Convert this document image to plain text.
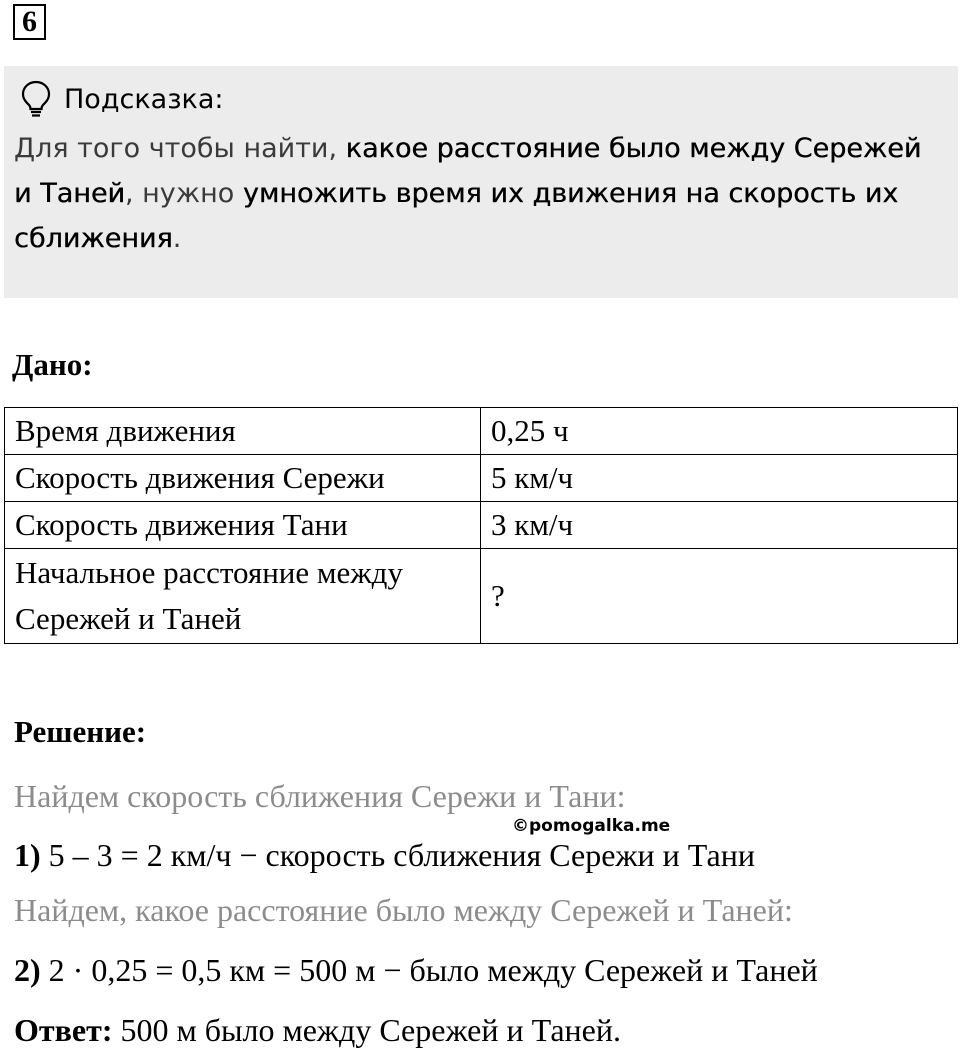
6
Подсказка:
Для того чтобы найти, какое расстояние было между Сережей и Таней, нужно умножить время их движения на скорость их сближения.
Дано:
Время движения	0,25 ч
Скорость движения Сережи	5 км/ч
Скорость движения Тани	3 км/ч
Начальное расстояние между Сережей и Таней	?
Решение:
Найдем скорость сближения Сережи и Тани:
©pomogalka.me
1) 5 – 3 = 2 км/ч − скорость сближения Сережи и Тани
Найдем, какое расстояние было между Сережей и Таней:
2) 2 · 0,25 = 0,5 км = 500 м − было между Сережей и Таней
Ответ: 500 м было между Сережей и Таней.
